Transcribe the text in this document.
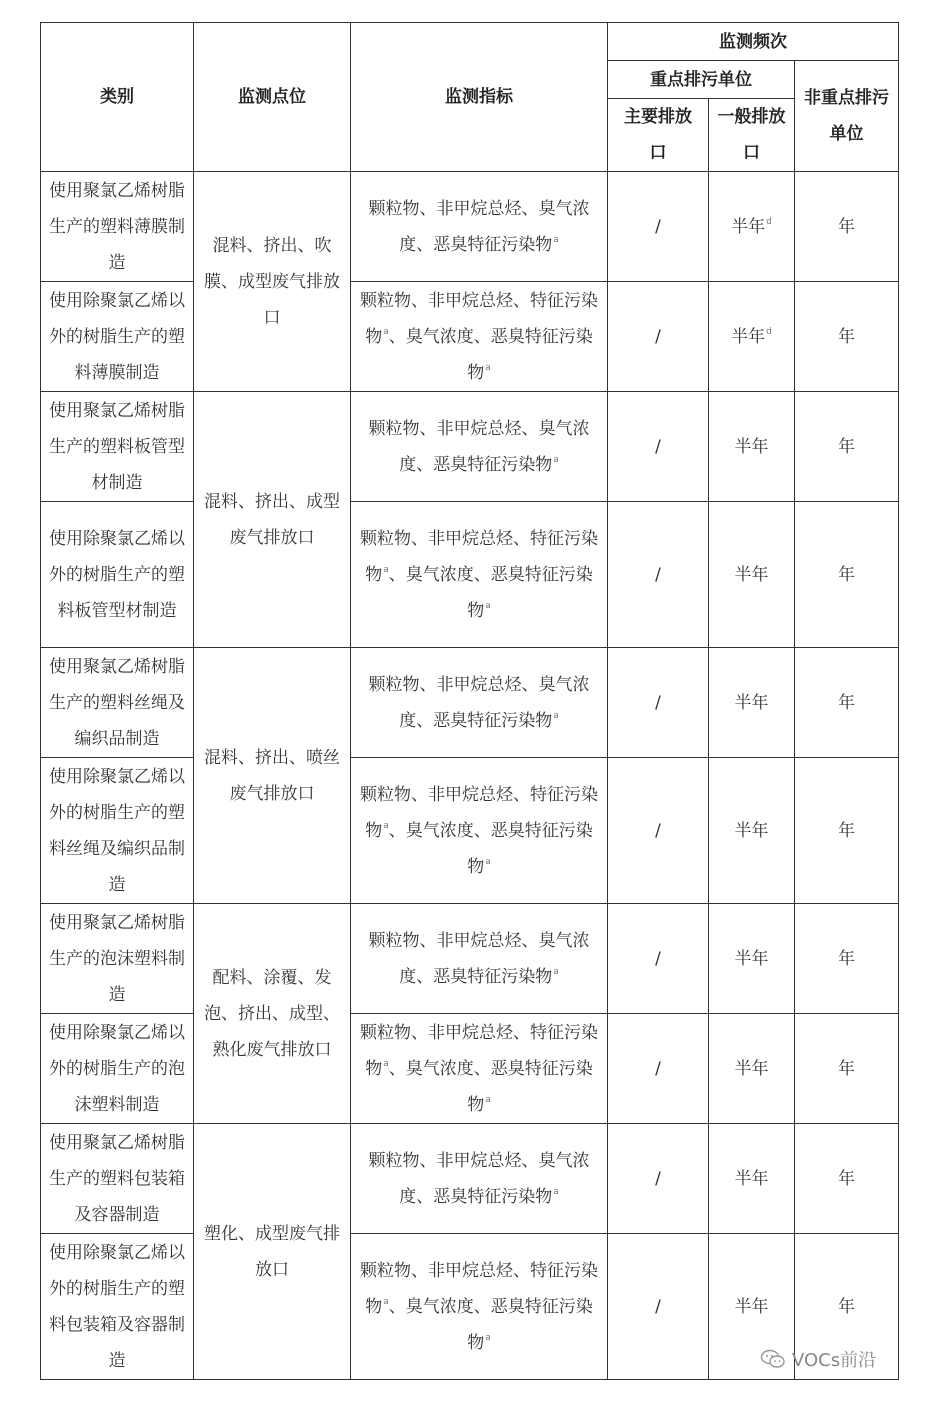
类别	监测点位	监测指标	监测频次		
			重点排污单位		非重点排污单位
			主要排放口	一般排放口	
使用聚氯乙烯树脂生产的塑料薄膜制造	混料、挤出、吹膜、成型废气排放口	颗粒物、非甲烷总烃、臭气浓度、恶臭特征污染物$^a$	/	半年$^d$	年
使用除聚氯乙烯以外的树脂生产的塑料薄膜制造		颗粒物、非甲烷总烃、特征污染物$^a$、臭气浓度、恶臭特征污染物$^a$	/	半年$^d$	年
使用聚氯乙烯树脂生产的塑料板管型材制造	混料、挤出、成型废气排放口	颗粒物、非甲烷总烃、臭气浓度、恶臭特征污染物$^a$	/	半年	年
使用除聚氯乙烯以外的树脂生产的塑料板管型材制造		颗粒物、非甲烷总烃、特征污染物$^a$、臭气浓度、恶臭特征污染物$^a$	/	半年	年
使用聚氯乙烯树脂生产的塑料丝绳及编织品制造	混料、挤出、喷丝废气排放口	颗粒物、非甲烷总烃、臭气浓度、恶臭特征污染物$^a$	/	半年	年
使用除聚氯乙烯以外的树脂生产的塑料丝绳及编织品制造		颗粒物、非甲烷总烃、特征污染物$^a$、臭气浓度、恶臭特征污染物$^a$	/	半年	年
使用聚氯乙烯树脂生产的泡沫塑料制造	配料、涂覆、发泡、挤出、成型、熟化废气排放口	颗粒物、非甲烷总烃、臭气浓度、恶臭特征污染物$^a$	/	半年	年
使用除聚氯乙烯以外的树脂生产的泡沫塑料制造		颗粒物、非甲烷总烃、特征污染物$^a$、臭气浓度、恶臭特征污染物$^a$	/	半年	年
使用聚氯乙烯树脂生产的塑料包装箱及容器制造	塑化、成型废气排放口	颗粒物、非甲烷总烃、臭气浓度、恶臭特征污染物$^a$	/	半年	年
使用除聚氯乙烯以外的树脂生产的塑料包装箱及容器制造		颗粒物、非甲烷总烃、特征污染物$^a$、臭气浓度、恶臭特征污染物$^a$	/	半年	年
VOCs前沿
